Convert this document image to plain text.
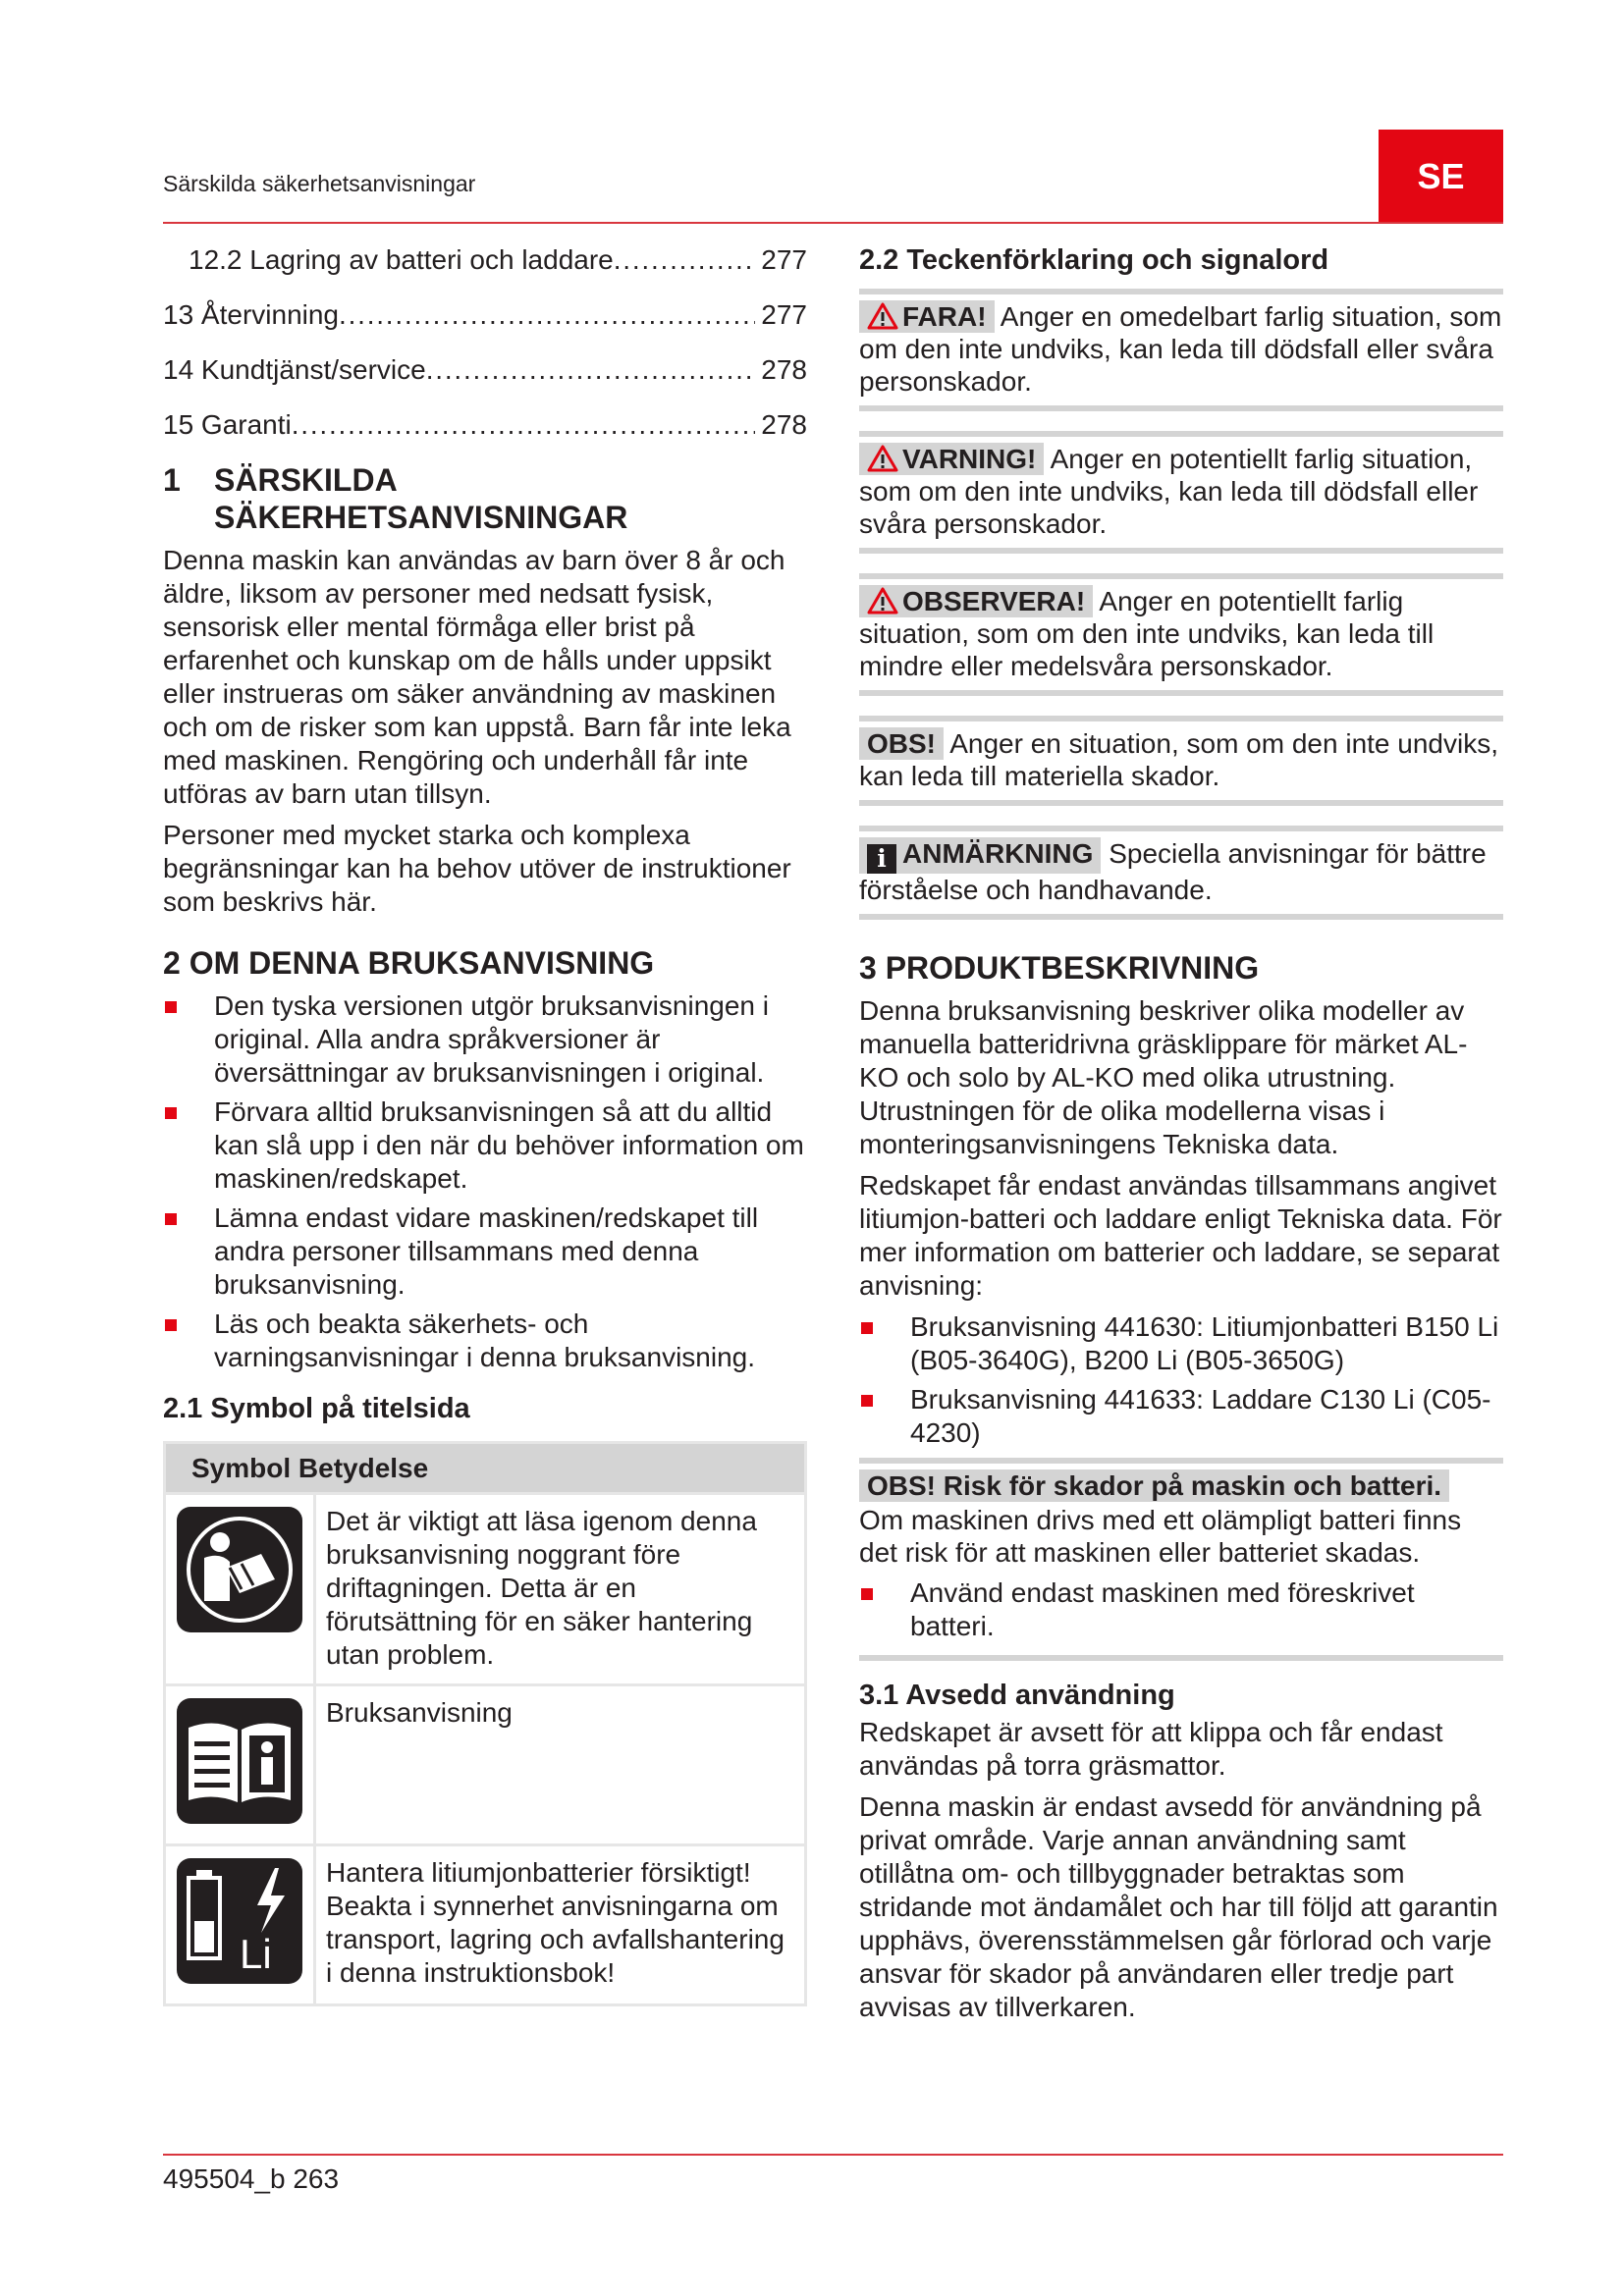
Särskilda säkerhetsanvisningar	SE
12.2 Lagring av batteri och laddare . . .	277
13 Återvinning . . .	277
14 Kundtjänst/service . . .	278
15 Garanti . . .	278
1 SÄRSKILDA
SÄKERHETSANVISNINGAR

Denna maskin kan användas av barn över 8 år och äldre, liksom av personer med nedsatt fysisk, sensorisk eller mental förmåga eller brist på erfarenhet och kunskap om de hålls under uppsikt eller instrueras om säker användning av maskinen och om de risker som kan uppstå. Barn får inte leka med maskinen. Rengöring och underhåll får inte utföras av barn utan tillsyn.

Personer med mycket starka och komplexa begränsningar kan ha behov utöver de instruktioner som beskrivs här.

2 OM DENNA BRUKSANVISNING
Den tyska versionen utgör bruksanvisningen i original. Alla andra språkversioner är översättningar av bruksanvisningen i original.
Förvara alltid bruksanvisningen så att du alltid kan slå upp i den när du behöver information om maskinen/redskapet.
Lämna endast vidare maskinen/redskapet till andra personer tillsammans med denna bruksanvisning.
Läs och beakta säkerhets- och varningsanvisningar i denna bruksanvisning.
2.1 Symbol på titelsida
Symbol Betydelse	
	Det är viktigt att läsa igenom denna bruksanvisning noggrant före driftagningen. Detta är en förutsättning för en säker hantering utan problem.
	Bruksanvisning

Li	Hantera litiumjonbatterier försiktigt! Beakta i synnerhet anvisningarna om transport, lagring och avfallshantering i denna instruktionsbok!
2.2 Teckenförklaring och signalord
FARA! Anger en omedelbart farlig situation, som om den inte undviks, kan leda till dödsfall eller svåra personskador.
VARNING! Anger en potentiellt farlig situation, som om den inte undviks, kan leda till dödsfall eller svåra personskador.
OBSERVERA! Anger en potentiellt farlig situation, som om den inte undviks, kan leda till mindre eller medelsvåra personskador.
OBS! Anger en situation, som om den inte undviks, kan leda till materiella skador.
i ANMÄRKNING Speciella anvisningar för bättre förståelse och handhavande.
3 PRODUKTBESKRIVNING

Denna bruksanvisning beskriver olika modeller av manuella batteridrivna gräsklippare för märket AL-KO och solo by AL-KO med olika utrustning. Utrustningen för de olika modellerna visas i monteringsanvisningens Tekniska data.

Redskapet får endast användas tillsammans angivet litiumjon-batteri och laddare enligt Tekniska data. För mer information om batterier och laddare, se separat anvisning:

Bruksanvisning 441630: Litiumjonbatteri B150 Li (B05-3640G), B200 Li (B05-3650G)
Bruksanvisning 441633: Laddare C130 Li (C05-4230)
OBS! Risk för skador på maskin och batteri.
Om maskinen drivs med ett olämpligt batteri finns det risk för att maskinen eller batteriet skadas.
Använd endast maskinen med föreskrivet batteri.
3.1 Avsedd användning

Redskapet är avsett för att klippa och får endast användas på torra gräsmattor.

Denna maskin är endast avsedd för användning på privat område. Varje annan användning samt otillåtna om- och tillbyggnader betraktas som stridande mot ändamålet och har till följd att garantin upphävs, överensstämmelsen går förlorad och varje ansvar för skador på användaren eller tredje part avvisas av tillverkaren.

495504_b 263
